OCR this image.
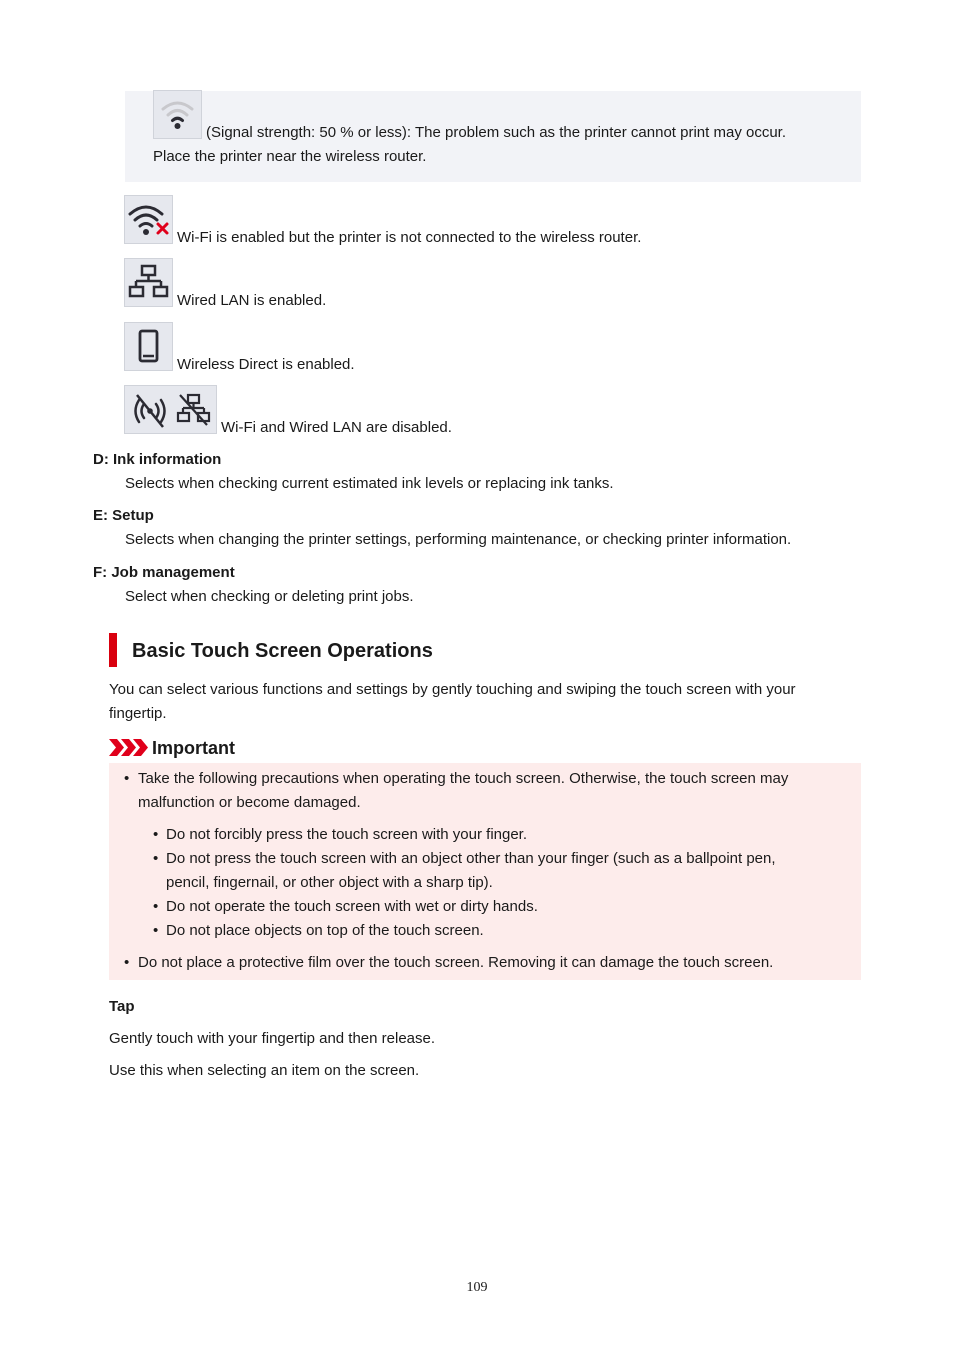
(Signal strength: 50 % or less): The problem such as the printer cannot print may occur.
Place the printer near the wireless router.
Wi-Fi is enabled but the printer is not connected to the wireless router.
Wired LAN is enabled.
Wireless Direct is enabled.
Wi-Fi and Wired LAN are disabled.
D: Ink information
Selects when checking current estimated ink levels or replacing ink tanks.
E: Setup
Selects when changing the printer settings, performing maintenance, or checking printer information.
F: Job management
Select when checking or deleting print jobs.
Basic Touch Screen Operations
You can select various functions and settings by gently touching and swiping the touch screen with your
fingertip.
Important
• Take the following precautions when operating the touch screen. Otherwise, the touch screen may
malfunction or become damaged.
• Do not forcibly press the touch screen with your finger.
• Do not press the touch screen with an object other than your finger (such as a ballpoint pen,
pencil, fingernail, or other object with a sharp tip).
• Do not operate the touch screen with wet or dirty hands.
• Do not place objects on top of the touch screen.
• Do not place a protective film over the touch screen. Removing it can damage the touch screen.
Tap
Gently touch with your fingertip and then release.
Use this when selecting an item on the screen.
109
